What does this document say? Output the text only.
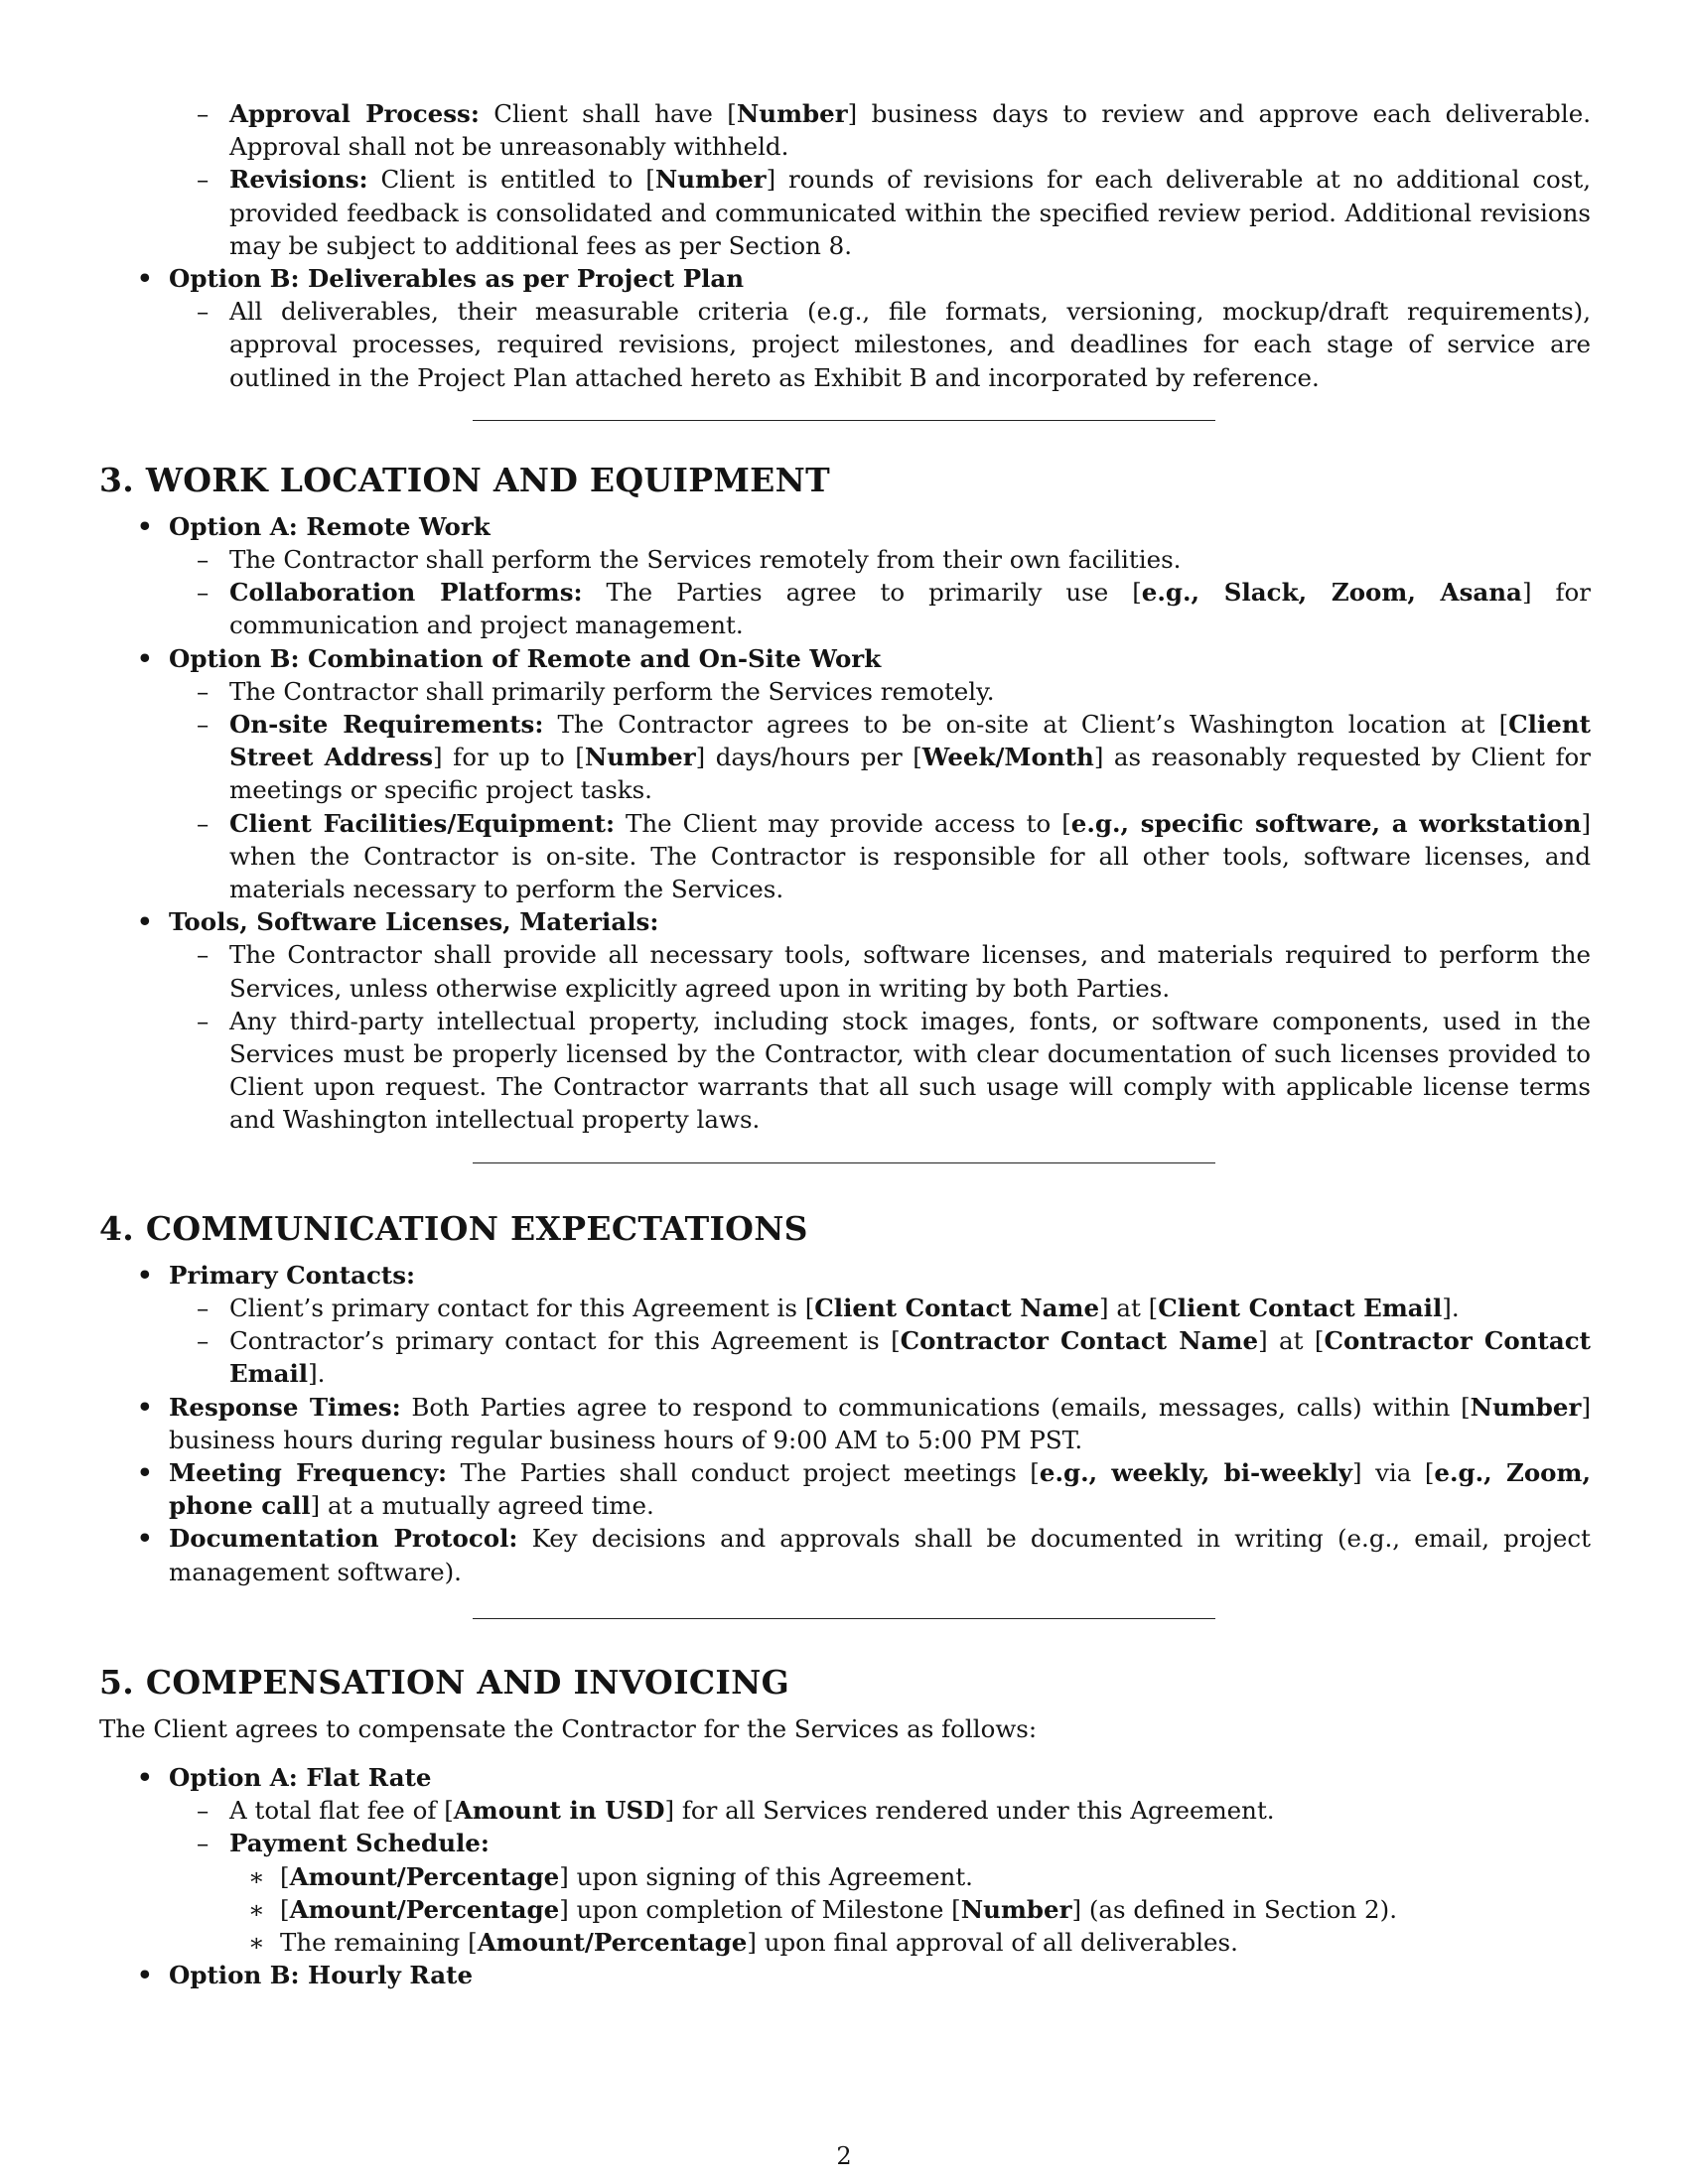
– Approval Process: Client shall have [Number] business days to review and approve each deliverable. Approval shall not be unreasonably withheld.
– Revisions: Client is entitled to [Number] rounds of revisions for each deliverable at no additional cost, provided feedback is consolidated and communicated within the specified review period. Additional revisions may be subject to additional fees as per Section 8.
• Option B: Deliverables as per Project Plan
– All deliverables, their measurable criteria (e.g., file formats, versioning, mockup/draft requirements), approval processes, required revisions, project milestones, and deadlines for each stage of service are outlined in the Project Plan attached hereto as Exhibit B and incorporated by reference.
3. WORK LOCATION AND EQUIPMENT
• Option A: Remote Work
– The Contractor shall perform the Services remotely from their own facilities.
– Collaboration Platforms: The Parties agree to primarily use [e.g., Slack, Zoom, Asana] for communication and project management.
• Option B: Combination of Remote and On-Site Work
– The Contractor shall primarily perform the Services remotely.
– On-site Requirements: The Contractor agrees to be on-site at Client’s Washington location at [Client Street Address] for up to [Number] days/hours per [Week/Month] as reasonably requested by Client for meetings or specific project tasks.
– Client Facilities/Equipment: The Client may provide access to [e.g., specific software, a workstation] when the Contractor is on-site. The Contractor is responsible for all other tools, software licenses, and materials necessary to perform the Services.
• Tools, Software Licenses, Materials:
– The Contractor shall provide all necessary tools, software licenses, and materials required to perform the Services, unless otherwise explicitly agreed upon in writing by both Parties.
– Any third-party intellectual property, including stock images, fonts, or software components, used in the Services must be properly licensed by the Contractor, with clear documentation of such licenses provided to Client upon request. The Contractor warrants that all such usage will comply with applicable license terms and Washington intellectual property laws.
4. COMMUNICATION EXPECTATIONS
• Primary Contacts:
– Client’s primary contact for this Agreement is [Client Contact Name] at [Client Contact Email].
– Contractor’s primary contact for this Agreement is [Contractor Contact Name] at [Contractor Contact Email].
• Response Times: Both Parties agree to respond to communications (emails, messages, calls) within [Number] business hours during regular business hours of 9:00 AM to 5:00 PM PST.
• Meeting Frequency: The Parties shall conduct project meetings [e.g., weekly, bi-weekly] via [e.g., Zoom, phone call] at a mutually agreed time.
• Documentation Protocol: Key decisions and approvals shall be documented in writing (e.g., email, project management software).
5. COMPENSATION AND INVOICING

The Client agrees to compensate the Contractor for the Services as follows:

• Option A: Flat Rate
– A total flat fee of [Amount in USD] for all Services rendered under this Agreement.
– Payment Schedule:
∗ [Amount/Percentage] upon signing of this Agreement.
∗ [Amount/Percentage] upon completion of Milestone [Number] (as defined in Section 2).
∗ The remaining [Amount/Percentage] upon final approval of all deliverables.
• Option B: Hourly Rate
2
